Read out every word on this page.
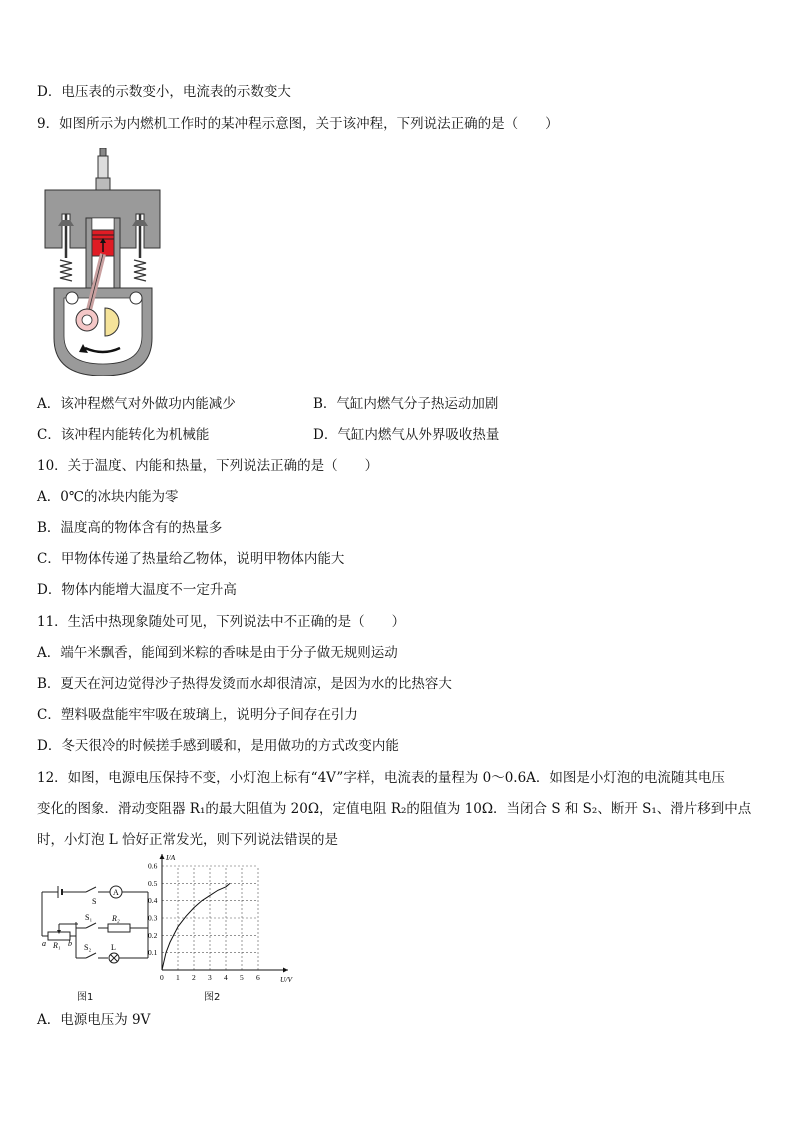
D．电压表的示数变小，电流表的示数变大
9．如图所示为内燃机工作时的某冲程示意图，关于该冲程，下列说法正确的是（　　）
A．该冲程燃气对外做功内能减少	B．气缸内燃气分子热运动加剧
C．该冲程内能转化为机械能	D．气缸内燃气从外界吸收热量
10．关于温度、内能和热量，下列说法正确的是（　　）
A．0℃的冰块内能为零
B．温度高的物体含有的热量多
C．甲物体传递了热量给乙物体，说明甲物体内能大
D．物体内能增大温度不一定升高
11．生活中热现象随处可见，下列说法中不正确的是（　　）
A．端午米飘香，能闻到米粽的香味是由于分子做无规则运动
B．夏天在河边觉得沙子热得发烫而水却很清凉，是因为水的比热容大
C．塑料吸盘能牢牢吸在玻璃上，说明分子间存在引力
D．冬天很冷的时候搓手感到暖和，是用做功的方式改变内能
12．如图，电源电压保持不变，小灯泡上标有“4V”字样，电流表的量程为 0～0.6A．如图是小灯泡的电流随其电压
变化的图象．滑动变阻器 R₁的最大阻值为 20Ω，定值电阻 R₂的阻值为 10Ω．当闭合 S 和 S₂、断开 S₁、滑片移到中点
时，小灯泡 L 恰好正常发光，则下列说法错误的是
S
A
S₁ R₂
a R₁ b S₂ L
图1
0 1 2 3 4 5 6
0.1
0.2
0.3
0.4
0.5
0.6
U/V
I/A
图2
A．电源电压为 9V
